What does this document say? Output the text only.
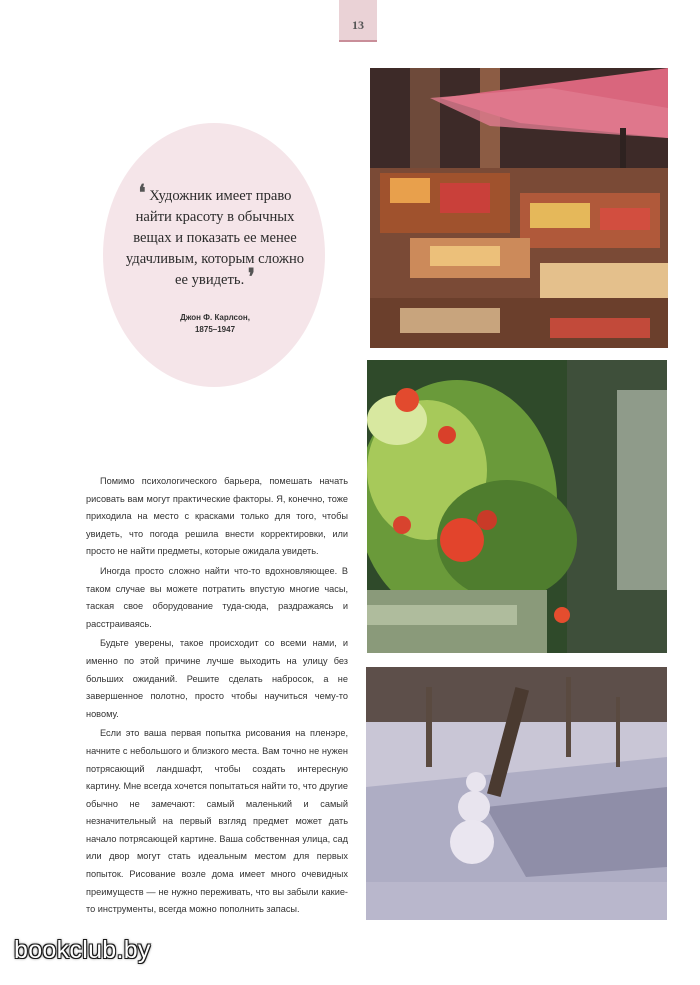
13
❛ Художник имеет право найти красоту в обычных вещах и показать ее менее удачливым, которым сложно ее увидеть. ❜
Джон Ф. Карлсон,
1875–1947

Помимо психологического барьера, помешать начать рисовать вам могут практические факторы. Я, конечно, тоже приходила на место с красками только для того, чтобы увидеть, что погода решила внести корректировки, или просто не найти предметы, которые ожидала увидеть.

Иногда просто сложно найти что-то вдохновляющее. В таком случае вы можете потратить впустую многие часы, таская свое оборудование туда-сюда, раздражаясь и расстраиваясь.

Будьте уверены, такое происходит со всеми нами, и именно по этой причине лучше выходить на улицу без больших ожиданий. Решите сделать набросок, а не завершенное полотно, просто чтобы научиться чему-то новому.

Если это ваша первая попытка рисования на пленэре, начните с небольшого и близкого места. Вам точно не нужен потрясающий ландшафт, чтобы создать интересную картину. Мне всегда хочется попытаться найти то, что другие обычно не замечают: самый маленький и самый незначительный на первый взгляд предмет может дать начало потрясающей картине. Ваша собственная улица, сад или двор могут стать идеальным местом для первых попыток. Рисование возле дома имеет много очевидных преимуществ — не нужно переживать, что вы забыли какие-то инструменты, всегда можно пополнить запасы.

bookclub.by
